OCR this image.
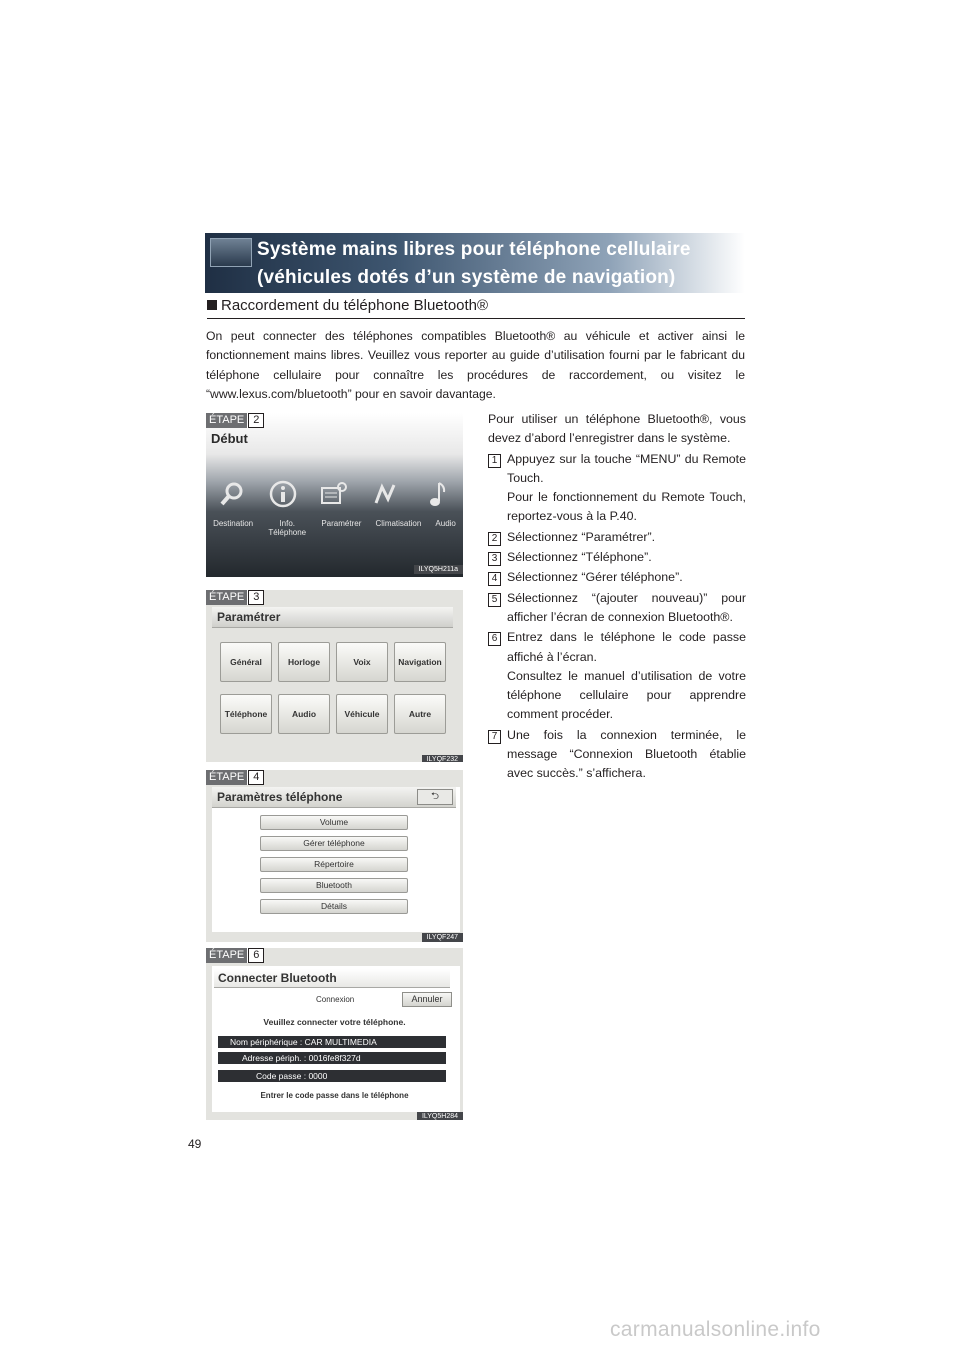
Système mains libres pour téléphone cellulaire
(véhicules dotés d’un système de navigation)
Raccordement du téléphone Bluetooth®
On peut connecter des téléphones compatibles Bluetooth® au véhicule et activer ainsi le fonctionnement mains libres. Veuillez vous reporter au guide d’utilisation fourni par le fabricant du téléphone cellulaire pour connaître les procédures de raccordement, ou visitez le “www.lexus.com/bluetooth” pour en savoir davantage.
Début
Destination	Info. Téléphone
Paramétrer Climatisation Audio
ILYQ5H211a
ÉTAPE 2
Paramétrer
Général	Horloge	Voix	Navigation
Téléphone	Audio	Véhicule	Autre
ILYQF232
ÉTAPE 3
Paramètres téléphone	⮌
Volume
Gérer téléphone
Répertoire
Bluetooth
Détails
ILYQF247
ÉTAPE 4
Connecter Bluetooth
Connexion	Annuler
Veuillez connecter votre téléphone.
Nom périphérique : CAR MULTIMEDIA
Adresse périph. : 0016fe8f327d
Code passe : 0000
Entrer le code passe dans le téléphone
ILYQ5H284
ÉTAPE 6

Pour utiliser un téléphone Bluetooth®, vous devez d’abord l’enregistrer dans le système.

1 Appuyez sur la touche “MENU” du Remote Touch.
Pour le fonctionnement du Remote Touch, reportez-vous à la P.40.
2 Sélectionnez “Paramétrer”.
3 Sélectionnez “Téléphone”.
4 Sélectionnez “Gérer téléphone”.
5 Sélectionnez “(ajouter nouveau)” pour afficher l’écran de connexion Bluetooth®.
6 Entrez dans le téléphone le code passe affiché à l’écran.
Consultez le manuel d’utilisation de votre téléphone cellulaire pour apprendre comment procéder.
7 Une fois la connexion terminée, le message “Connexion Bluetooth établie avec succès.” s’affichera.
49
carmanualsonline.info
